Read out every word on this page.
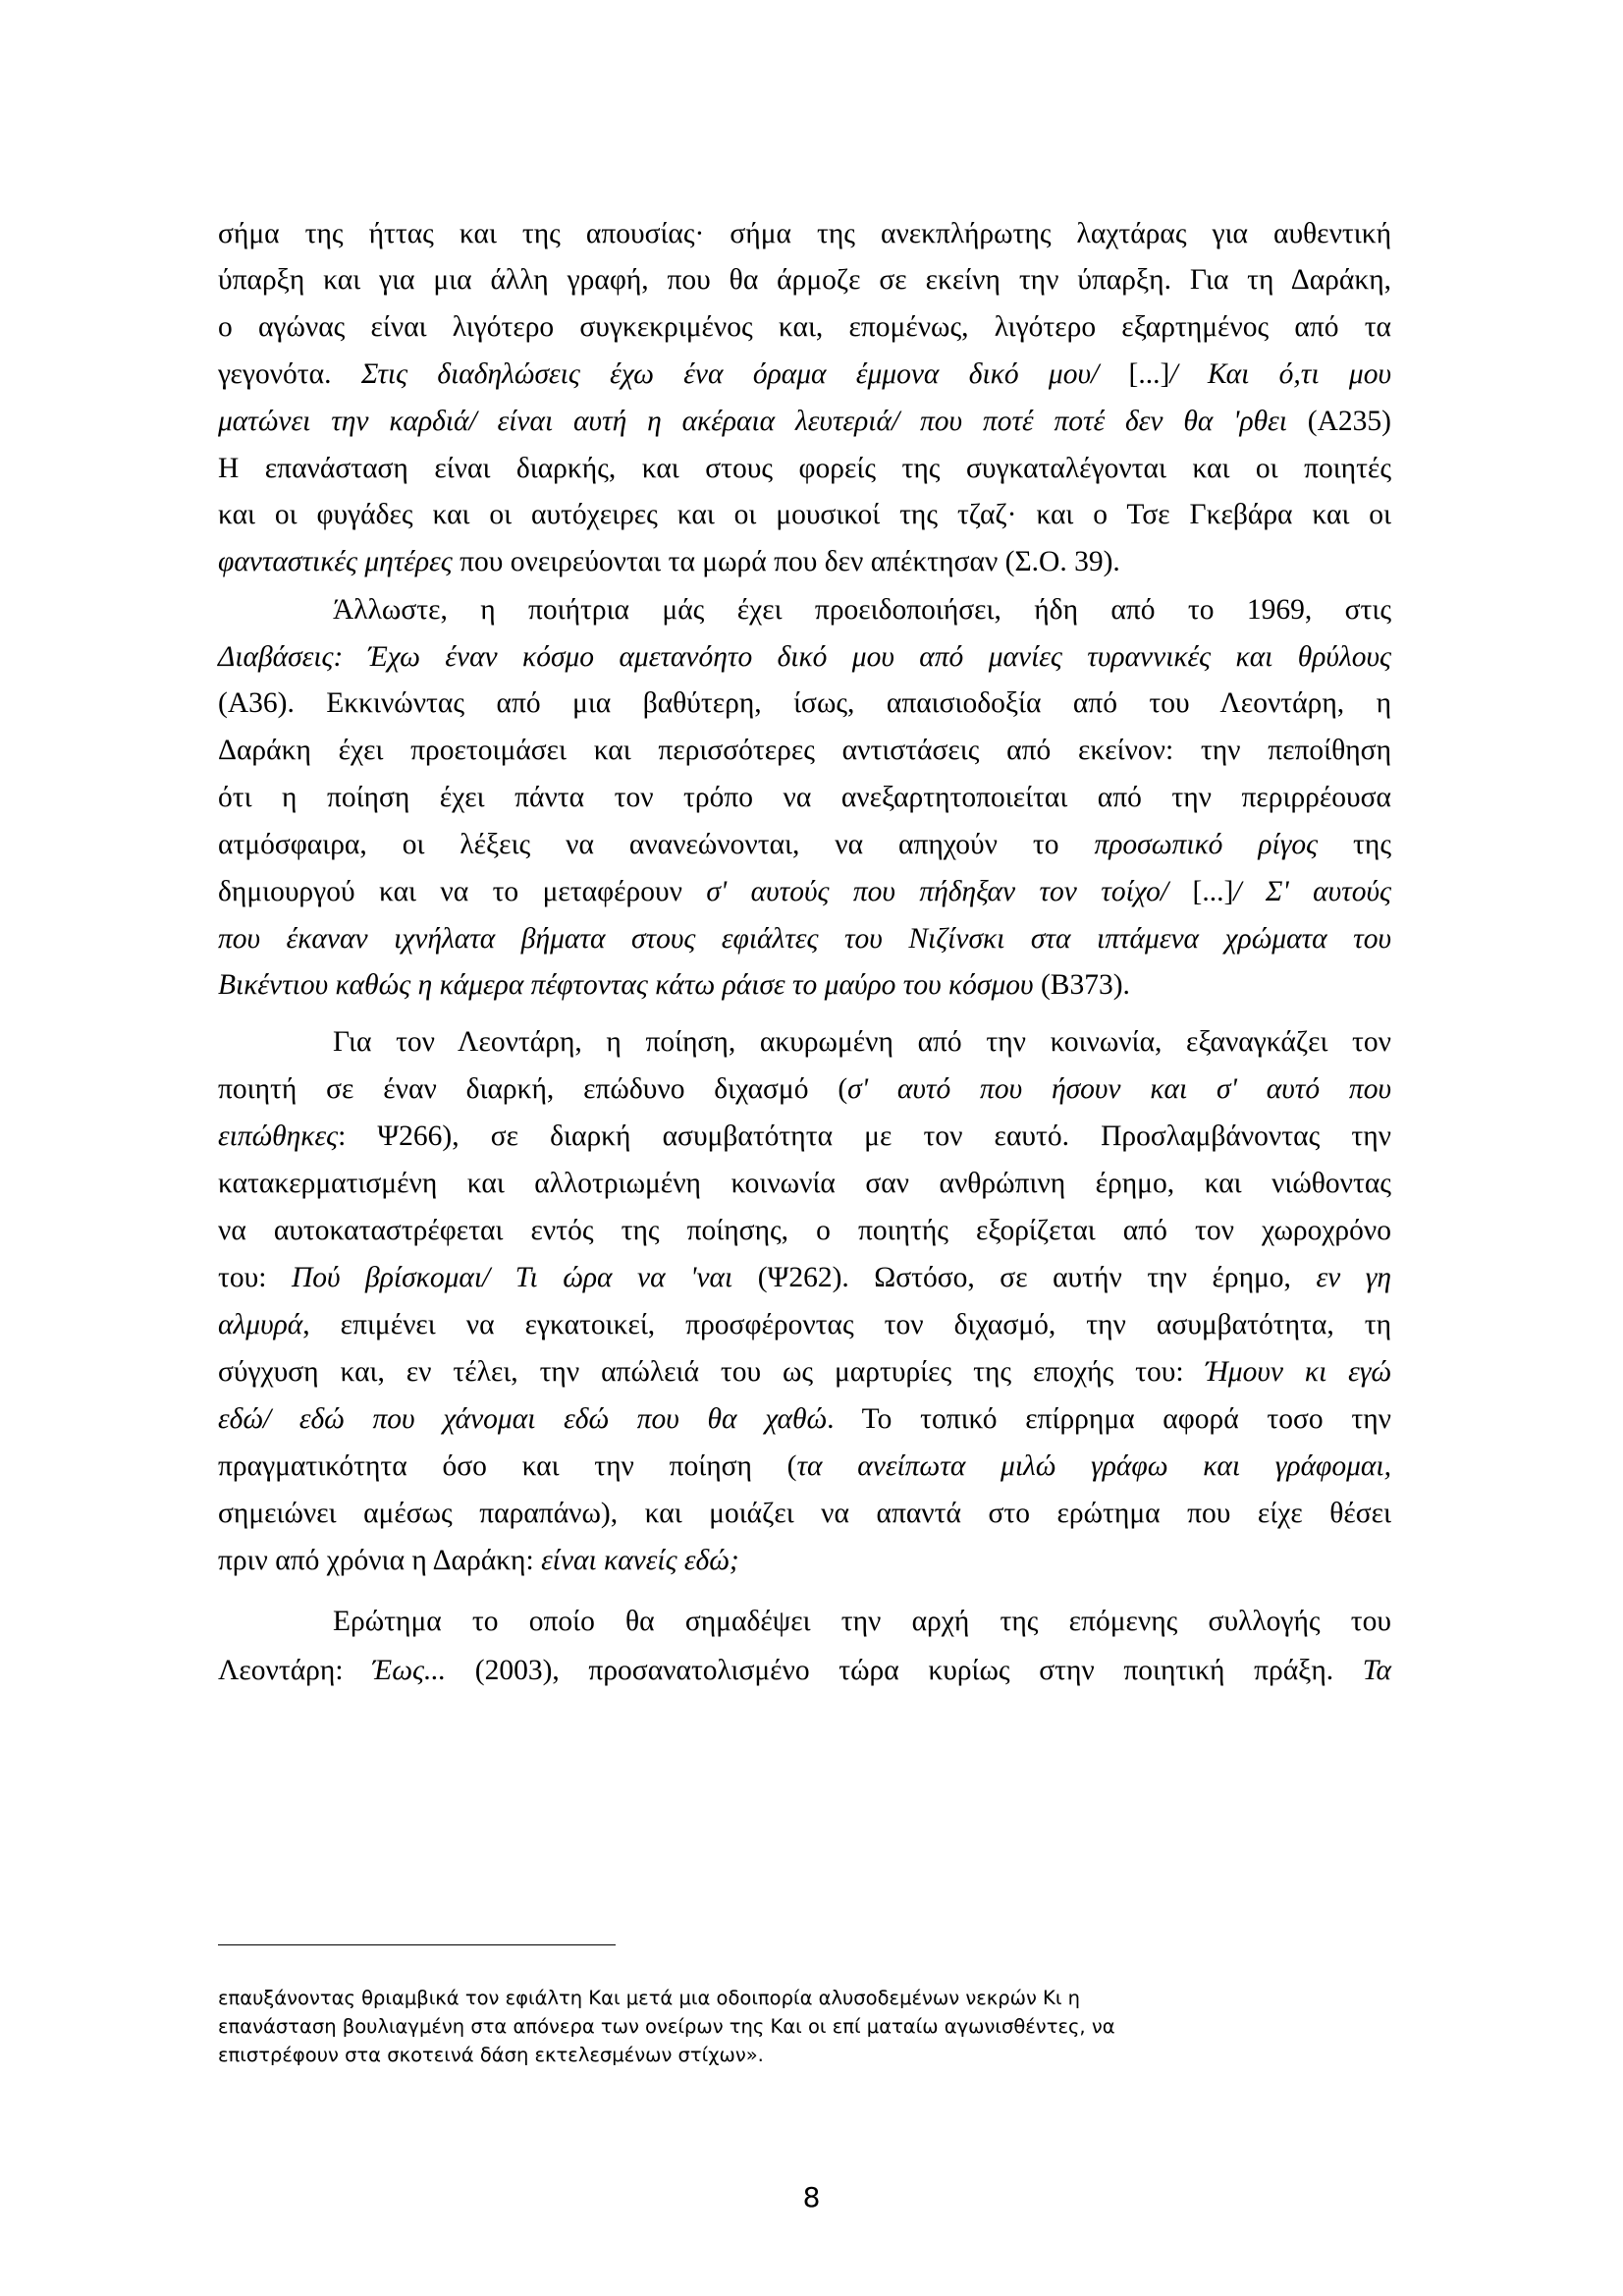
σήμα της ήττας και της απουσίας· σήμα της ανεκπλήρωτης λαχτάρας για αυθεντική
ύπαρξη και για μια άλλη γραφή, που θα άρμοζε σε εκείνη την ύπαρξη. Για τη Δαράκη,
ο αγώνας είναι λιγότερο συγκεκριμένος και, επομένως, λιγότερο εξαρτημένος από τα
γεγονότα. Στις διαδηλώσεις έχω ένα όραμα έμμονα δικό μου/ [...]/ Και ό,τι μου
ματώνει την καρδιά/ είναι αυτή η ακέραια λευτεριά/ που ποτέ ποτέ δεν θα 'ρθει (Α235)
Η επανάσταση είναι διαρκής, και στους φορείς της συγκαταλέγονται και οι ποιητές
και οι φυγάδες και οι αυτόχειρες και οι μουσικοί της τζαζ· και ο Τσε Γκεβάρα και οι
φανταστικές μητέρες που ονειρεύονται τα μωρά που δεν απέκτησαν (Σ.Ο. 39).
Άλλωστε, η ποιήτρια μάς έχει προειδοποιήσει, ήδη από το 1969, στις
Διαβάσεις: Έχω έναν κόσμο αμετανόητο δικό μου από μανίες τυραννικές και θρύλους
(Α36). Εκκινώντας από μια βαθύτερη, ίσως, απαισιοδοξία από του Λεοντάρη, η
Δαράκη έχει προετοιμάσει και περισσότερες αντιστάσεις από εκείνον: την πεποίθηση
ότι η ποίηση έχει πάντα τον τρόπο να ανεξαρτητοποιείται από την περιρρέουσα
ατμόσφαιρα, οι λέξεις να ανανεώνονται, να απηχούν το προσωπικό ρίγος της
δημιουργού και να το μεταφέρουν σ' αυτούς που πήδηξαν τον τοίχο/ [...]/ Σ' αυτούς
που έκαναν ιχνήλατα βήματα στους εφιάλτες του Νιζίνσκι στα ιπτάμενα χρώματα του
Βικέντιου καθώς η κάμερα πέφτοντας κάτω ράισε το μαύρο του κόσμου (Β373).
Για τον Λεοντάρη, η ποίηση, ακυρωμένη από την κοινωνία, εξαναγκάζει τον
ποιητή σε έναν διαρκή, επώδυνο διχασμό (σ' αυτό που ήσουν και σ' αυτό που
ειπώθηκες: Ψ266), σε διαρκή ασυμβατότητα με τον εαυτό. Προσλαμβάνοντας την
κατακερματισμένη και αλλοτριωμένη κοινωνία σαν ανθρώπινη έρημο, και νιώθοντας
να αυτοκαταστρέφεται εντός της ποίησης, ο ποιητής εξορίζεται από τον χωροχρόνο
του: Πού βρίσκομαι/ Τι ώρα να 'ναι (Ψ262). Ωστόσο, σε αυτήν την έρημο, εν γη
αλμυρά, επιμένει να εγκατοικεί, προσφέροντας τον διχασμό, την ασυμβατότητα, τη
σύγχυση και, εν τέλει, την απώλειά του ως μαρτυρίες της εποχής του: Ήμουν κι εγώ
εδώ/ εδώ που χάνομαι εδώ που θα χαθώ. Το τοπικό επίρρημα αφορά τοσο την
πραγματικότητα όσο και την ποίηση (τα ανείπωτα μιλώ γράφω και γράφομαι,
σημειώνει αμέσως παραπάνω), και μοιάζει να απαντά στο ερώτημα που είχε θέσει
πριν από χρόνια η Δαράκη: είναι κανείς εδώ;
Ερώτημα το οποίο θα σημαδέψει την αρχή της επόμενης συλλογής του
Λεοντάρη: Έως... (2003), προσανατολισμένο τώρα κυρίως στην ποιητική πράξη. Τα
επαυξάνοντας θριαμβικά τον εφιάλτη Και μετά μια οδοιπορία αλυσοδεμένων νεκρών Κι η
επανάσταση βουλιαγμένη στα απόνερα των ονείρων της Και οι επί ματαίω αγωνισθέντες, να
επιστρέφουν στα σκοτεινά δάση εκτελεσμένων στίχων».
8
